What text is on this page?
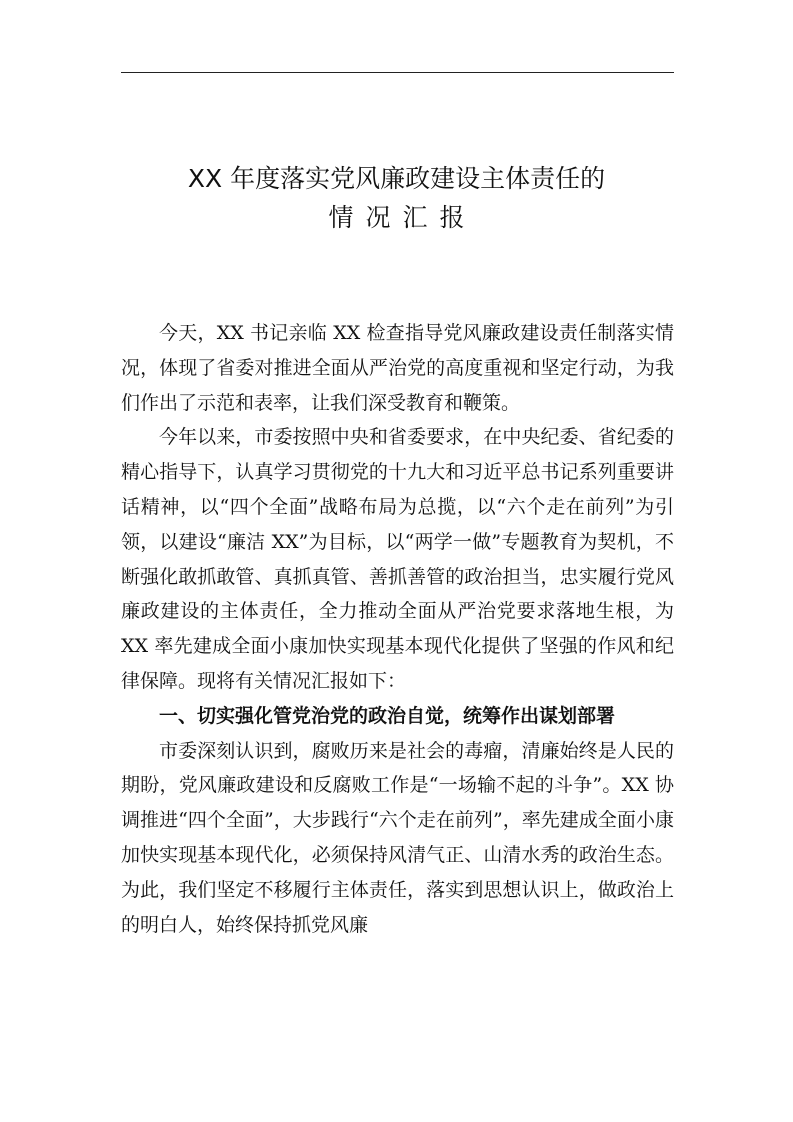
XX 年度落实党风廉政建设主体责任的
情况汇报

今天，XX 书记亲临 XX 检查指导党风廉政建设责任制落实情况，体现了省委对推进全面从严治党的高度重视和坚定行动，为我们作出了示范和表率，让我们深受教育和鞭策。

今年以来，市委按照中央和省委要求，在中央纪委、省纪委的精心指导下，认真学习贯彻党的十九大和习近平总书记系列重要讲话精神，以“四个全面”战略布局为总揽，以“六个走在前列”为引领，以建设“廉洁 XX”为目标，以“两学一做”专题教育为契机，不断强化敢抓敢管、真抓真管、善抓善管的政治担当，忠实履行党风廉政建设的主体责任，全力推动全面从严治党要求落地生根，为 XX 率先建成全面小康加快实现基本现代化提供了坚强的作风和纪律保障。现将有关情况汇报如下：

一、切实强化管党治党的政治自觉，统筹作出谋划部署

市委深刻认识到，腐败历来是社会的毒瘤，清廉始终是人民的期盼，党风廉政建设和反腐败工作是“一场输不起的斗争”。XX 协调推进“四个全面”，大步践行“六个走在前列”，率先建成全面小康加快实现基本现代化，必须保持风清气正、山清水秀的政治生态。为此，我们坚定不移履行主体责任，落实到思想认识上，做政治上的明白人，始终保持抓党风廉
